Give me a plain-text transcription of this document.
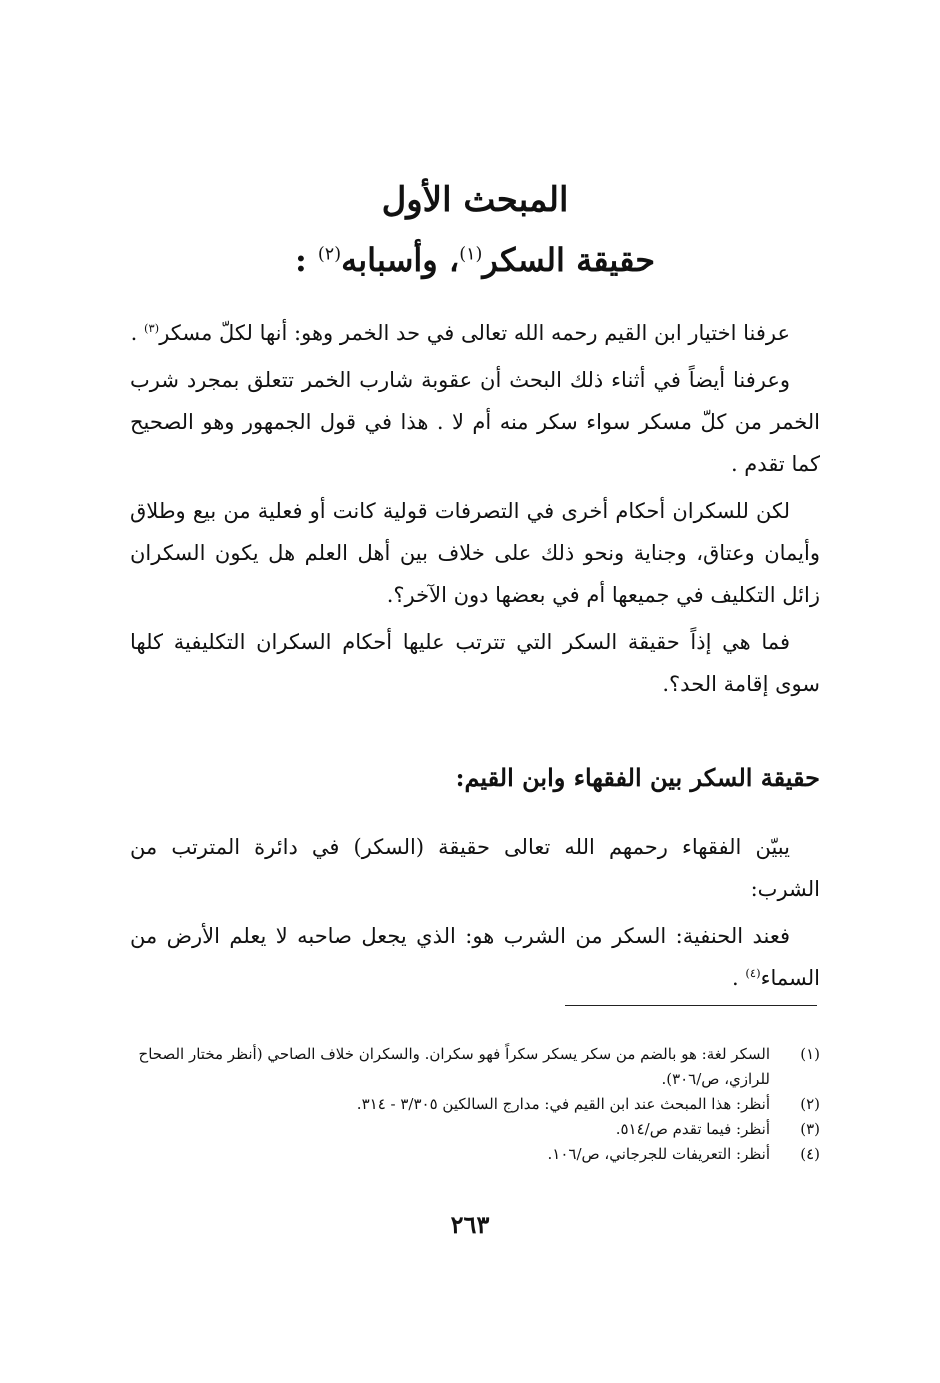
المبحث الأول
حقيقة السكر$^{(١)}$، وأسبابه$^{(٢)}$ :

عرفنا اختيار ابن القيم رحمه الله تعالى في حد الخمر وهو: أنها لكلّ مسكر$^{(٣)}$ .

وعرفنا أيضاً في أثناء ذلك البحث أن عقوبة شارب الخمر تتعلق بمجرد شرب الخمر من كلّ مسكر سواء سكر منه أم لا . هذا في قول الجمهور وهو الصحيح كما تقدم .

لكن للسكران أحكام أخرى في التصرفات قولية كانت أو فعلية من بيع وطلاق وأيمان وعتاق، وجناية ونحو ذلك على خلاف بين أهل العلم هل يكون السكران زائل التكليف في جميعها أم في بعضها دون الآخر؟.

فما هي إذاً حقيقة السكر التي تترتب عليها أحكام السكران التكليفية كلها سوى إقامة الحد؟.

حقيقة السكر بين الفقهاء وابن القيم:

يبيّن الفقهاء رحمهم الله تعالى حقيقة (السكر) في دائرة المترتب من الشرب:

فعند الحنفية: السكر من الشرب هو: الذي يجعل صاحبه لا يعلم الأرض من السماء$^{(٤)}$ .

(١)
السكر لغة: هو بالضم من سكر يسكر سكراً فهو سكران. والسكران خلاف الصاحي (أنظر مختار الصحاح للرازي، ص/٣٠٦).
(٢)
أنظر: هذا المبحث عند ابن القيم في: مدارج السالكين ٣/٣٠٥ - ٣١٤.
(٣)
أنظر: فيما تقدم ص/٥١٤.
(٤)
أنظر: التعريفات للجرجاني، ص/١٠٦.
٢٦٣
